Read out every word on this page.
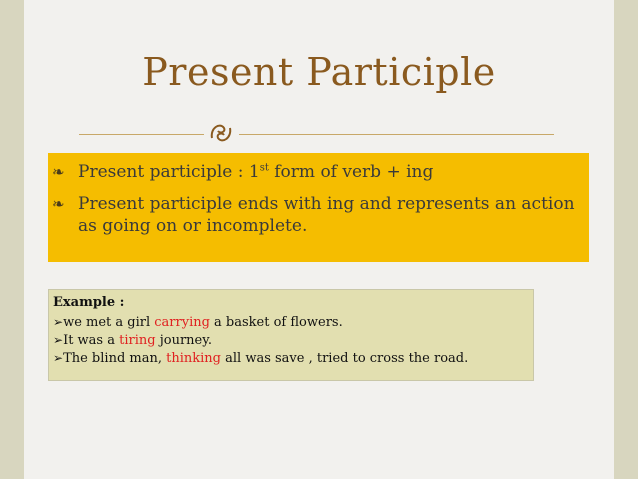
Present Participle
❧ Present participle : 1st form of verb + ing
❧ Present participle ends with ing and represents an action as going on or incomplete.
Example :
➢we met a girl carrying a basket of flowers.
➢It was a tiring journey.
➢The blind man, thinking all was save , tried to cross the road.
